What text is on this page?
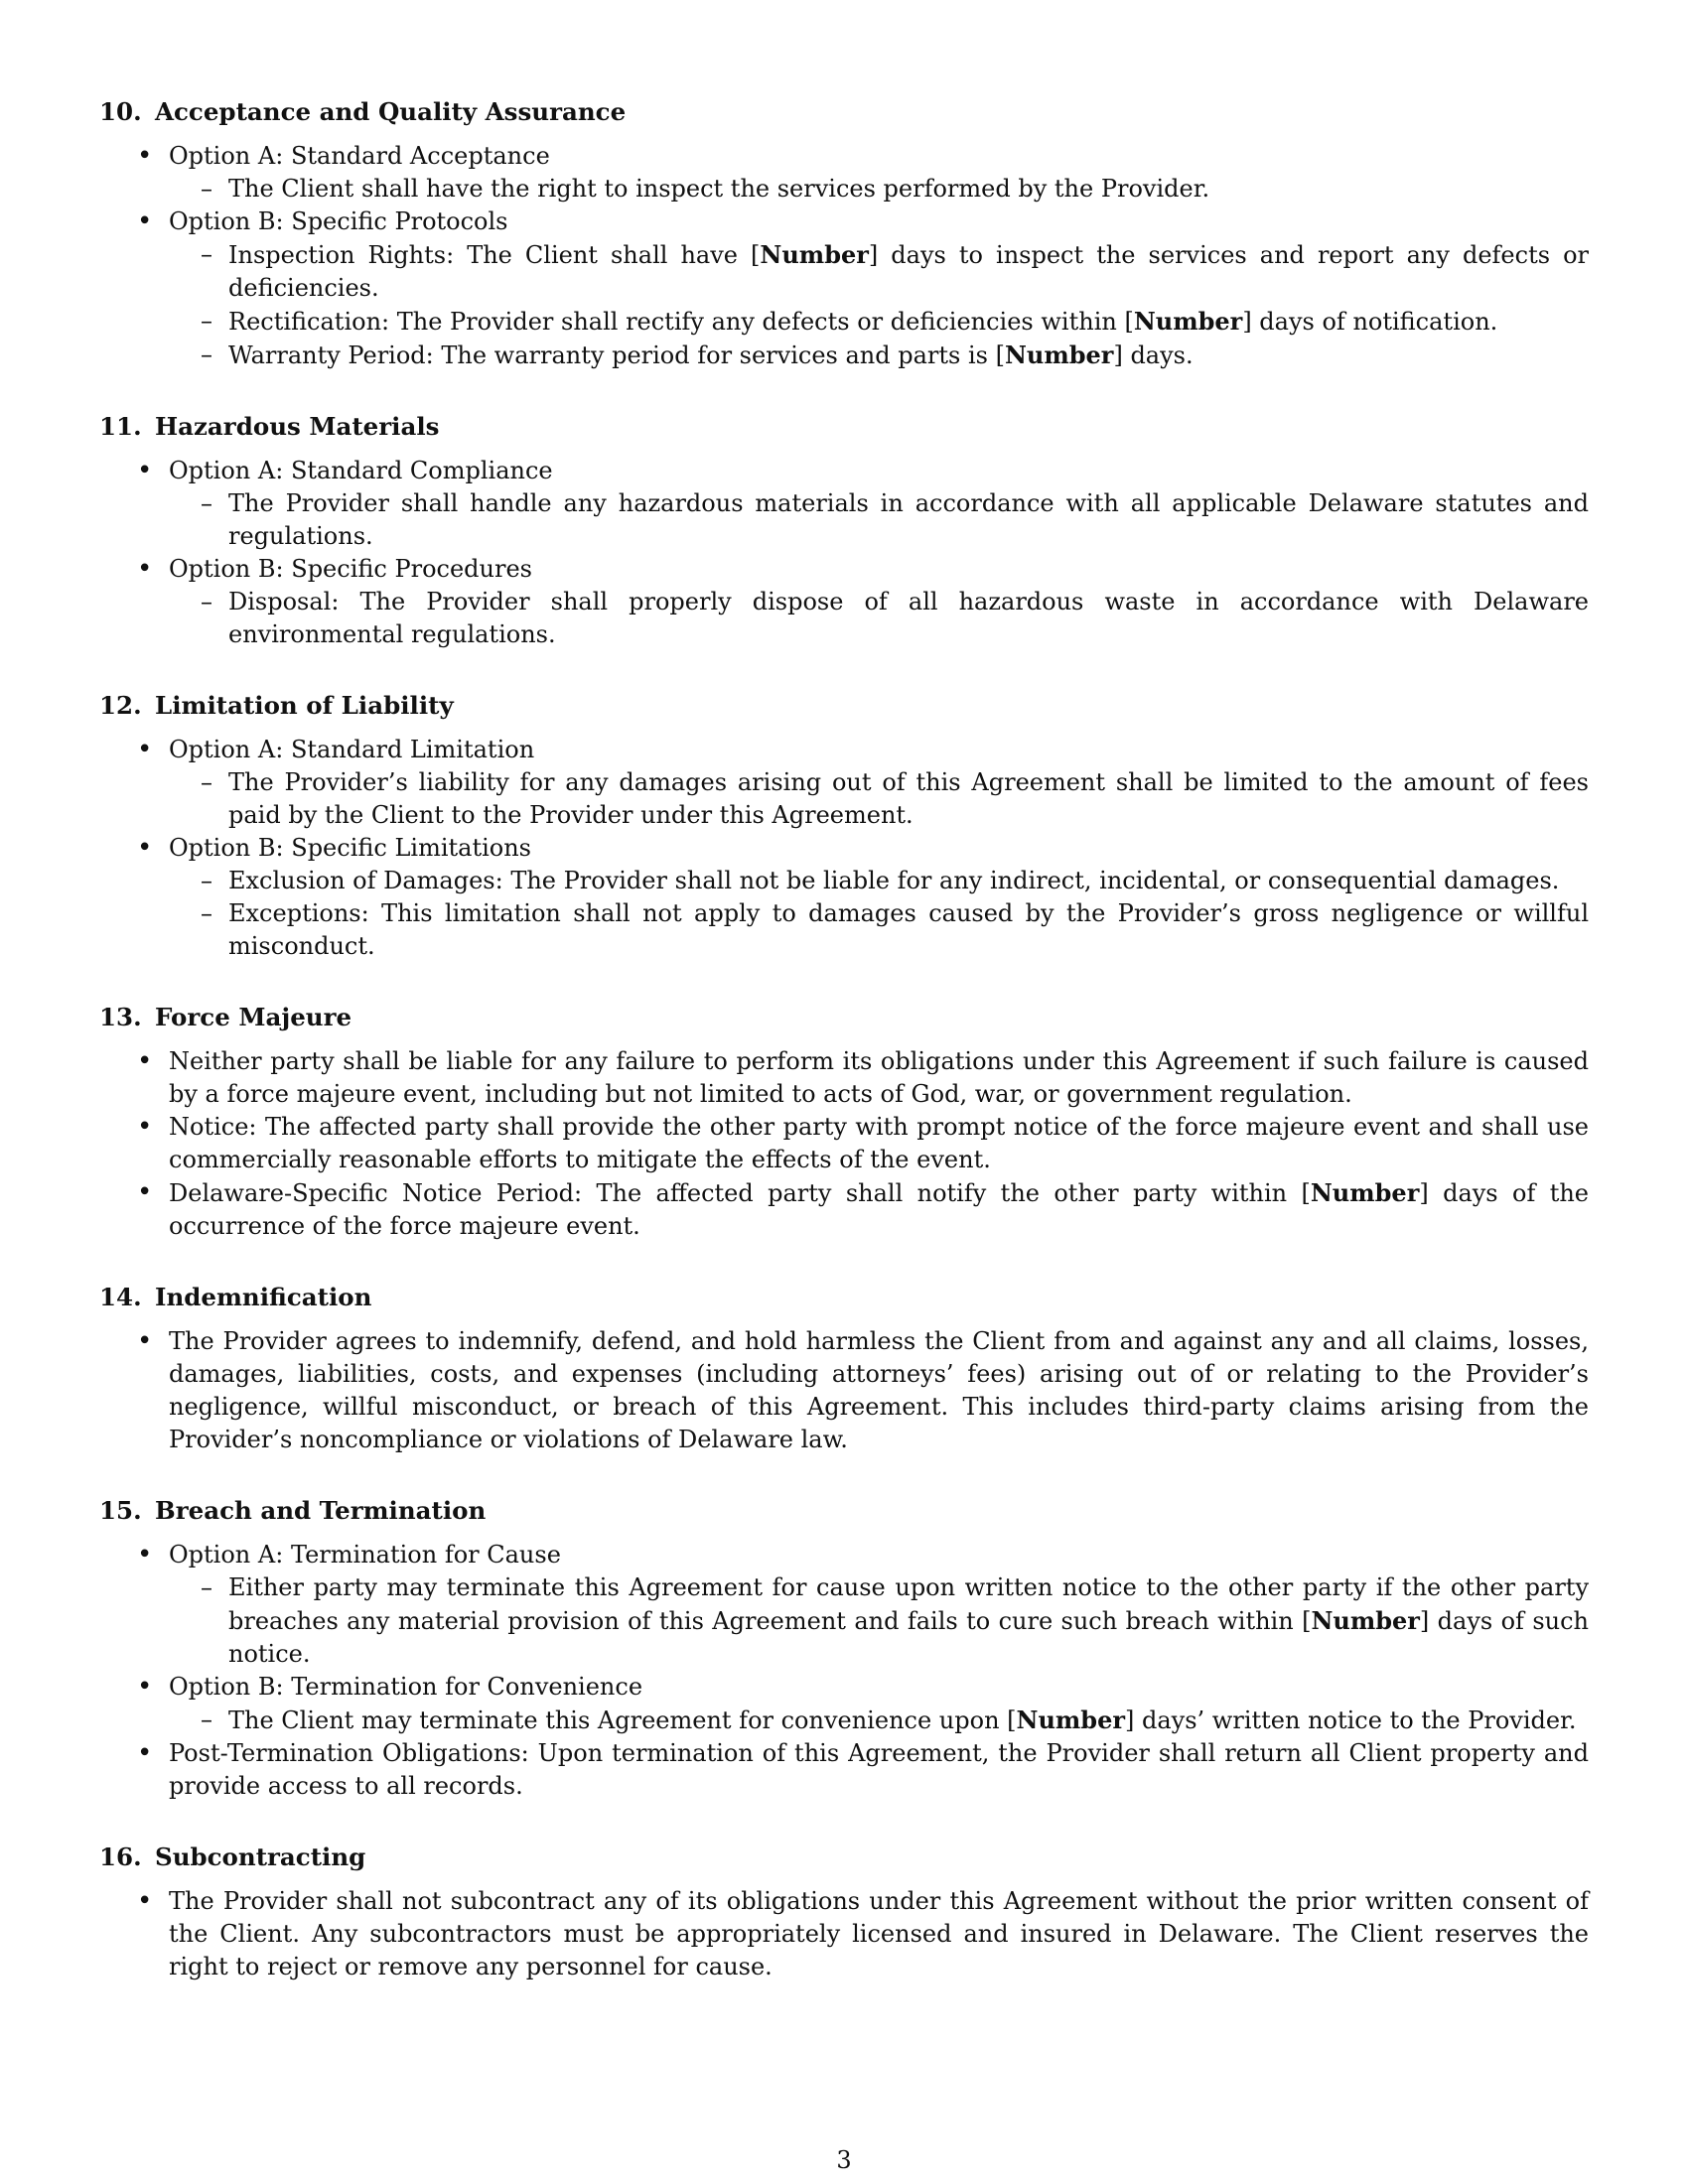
10. Acceptance and Quality Assurance
• Option A: Standard Acceptance
– The Client shall have the right to inspect the services performed by the Provider.
• Option B: Specific Protocols
– Inspection Rights: The Client shall have [Number] days to inspect the services and report any defects or deficiencies.
– Rectification: The Provider shall rectify any defects or deficiencies within [Number] days of notification.
– Warranty Period: The warranty period for services and parts is [Number] days.
11. Hazardous Materials
• Option A: Standard Compliance
– The Provider shall handle any hazardous materials in accordance with all applicable Delaware statutes and regulations.
• Option B: Specific Procedures
– Disposal: The Provider shall properly dispose of all hazardous waste in accordance with Delaware environmental regulations.
12. Limitation of Liability
• Option A: Standard Limitation
– The Provider’s liability for any damages arising out of this Agreement shall be limited to the amount of fees paid by the Client to the Provider under this Agreement.
• Option B: Specific Limitations
– Exclusion of Damages: The Provider shall not be liable for any indirect, incidental, or consequential damages.
– Exceptions: This limitation shall not apply to damages caused by the Provider’s gross negligence or willful misconduct.
13. Force Majeure
• Neither party shall be liable for any failure to perform its obligations under this Agreement if such failure is caused by a force majeure event, including but not limited to acts of God, war, or government regulation.
• Notice: The affected party shall provide the other party with prompt notice of the force majeure event and shall use commercially reasonable efforts to mitigate the effects of the event.
• Delaware-Specific Notice Period: The affected party shall notify the other party within [Number] days of the occurrence of the force majeure event.
14. Indemnification
• The Provider agrees to indemnify, defend, and hold harmless the Client from and against any and all claims, losses, damages, liabilities, costs, and expenses (including attorneys’ fees) arising out of or relating to the Provider’s negligence, willful misconduct, or breach of this Agreement. This includes third-party claims arising from the Provider’s noncompliance or violations of Delaware law.
15. Breach and Termination
• Option A: Termination for Cause
– Either party may terminate this Agreement for cause upon written notice to the other party if the other party breaches any material provision of this Agreement and fails to cure such breach within [Number] days of such notice.
• Option B: Termination for Convenience
– The Client may terminate this Agreement for convenience upon [Number] days’ written notice to the Provider.
• Post-Termination Obligations: Upon termination of this Agreement, the Provider shall return all Client property and provide access to all records.
16. Subcontracting
• The Provider shall not subcontract any of its obligations under this Agreement without the prior written consent of the Client. Any subcontractors must be appropriately licensed and insured in Delaware. The Client reserves the right to reject or remove any personnel for cause.
3
